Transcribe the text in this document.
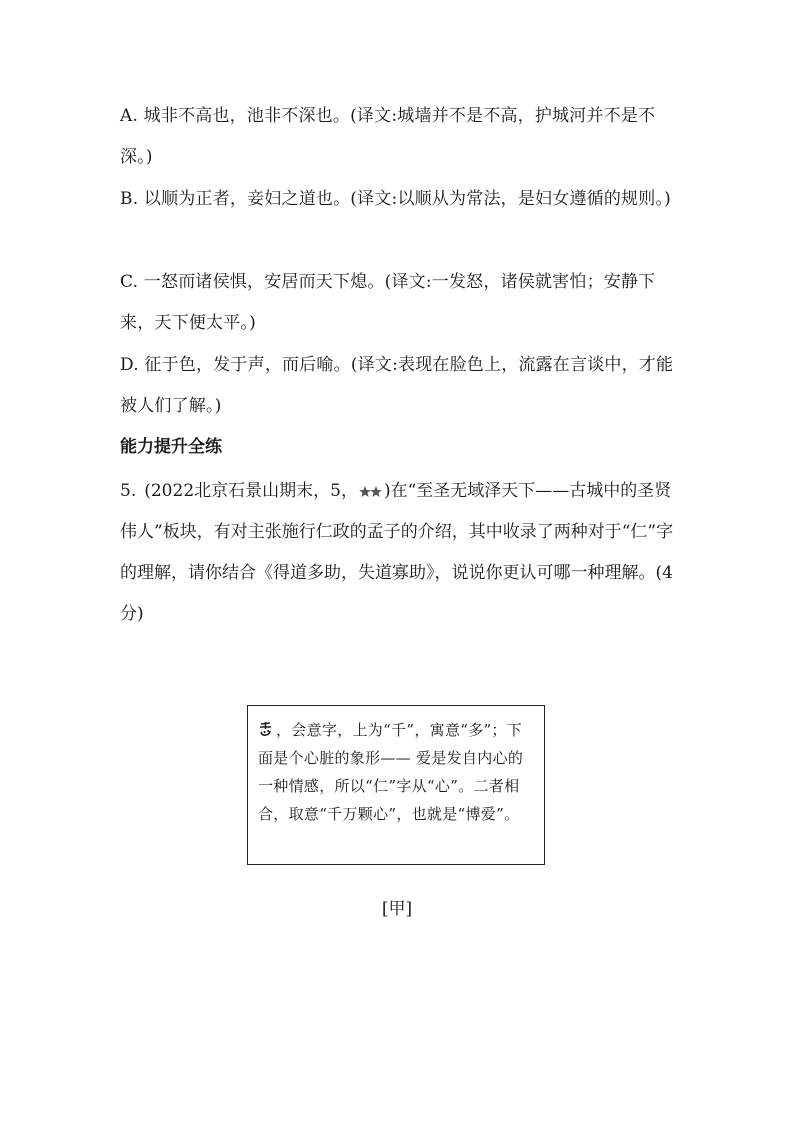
A. 城非不高也，池非不深也。(译文:城墙并不是不高，护城河并不是不深。)
B. 以顺为正者，妾妇之道也。(译文:以顺从为常法，是妇女遵循的规则。)
C. 一怒而诸侯惧，安居而天下熄。(译文:一发怒，诸侯就害怕；安静下来，天下便太平。)
D. 征于色，发于声，而后喻。(译文:表现在脸色上，流露在言谈中，才能被人们了解。)
能力提升全练
5. (2022北京石景山期末，5， )在“至圣无域泽天下——古城中的圣贤伟人”板块，有对主张施行仁政的孟子的介绍，其中收录了两种对于“仁”字的理解，请你结合《得道多助，失道寡助》，说说你更认可哪一种理解。(4分)
，会意字，上为“千”，寓意“多”；下面是个心脏的象形—— 爱是发自内心的一种情感，所以“仁”字从“心”。二者相合，取意“千万颗心”，也就是“博爱”。
[甲]
